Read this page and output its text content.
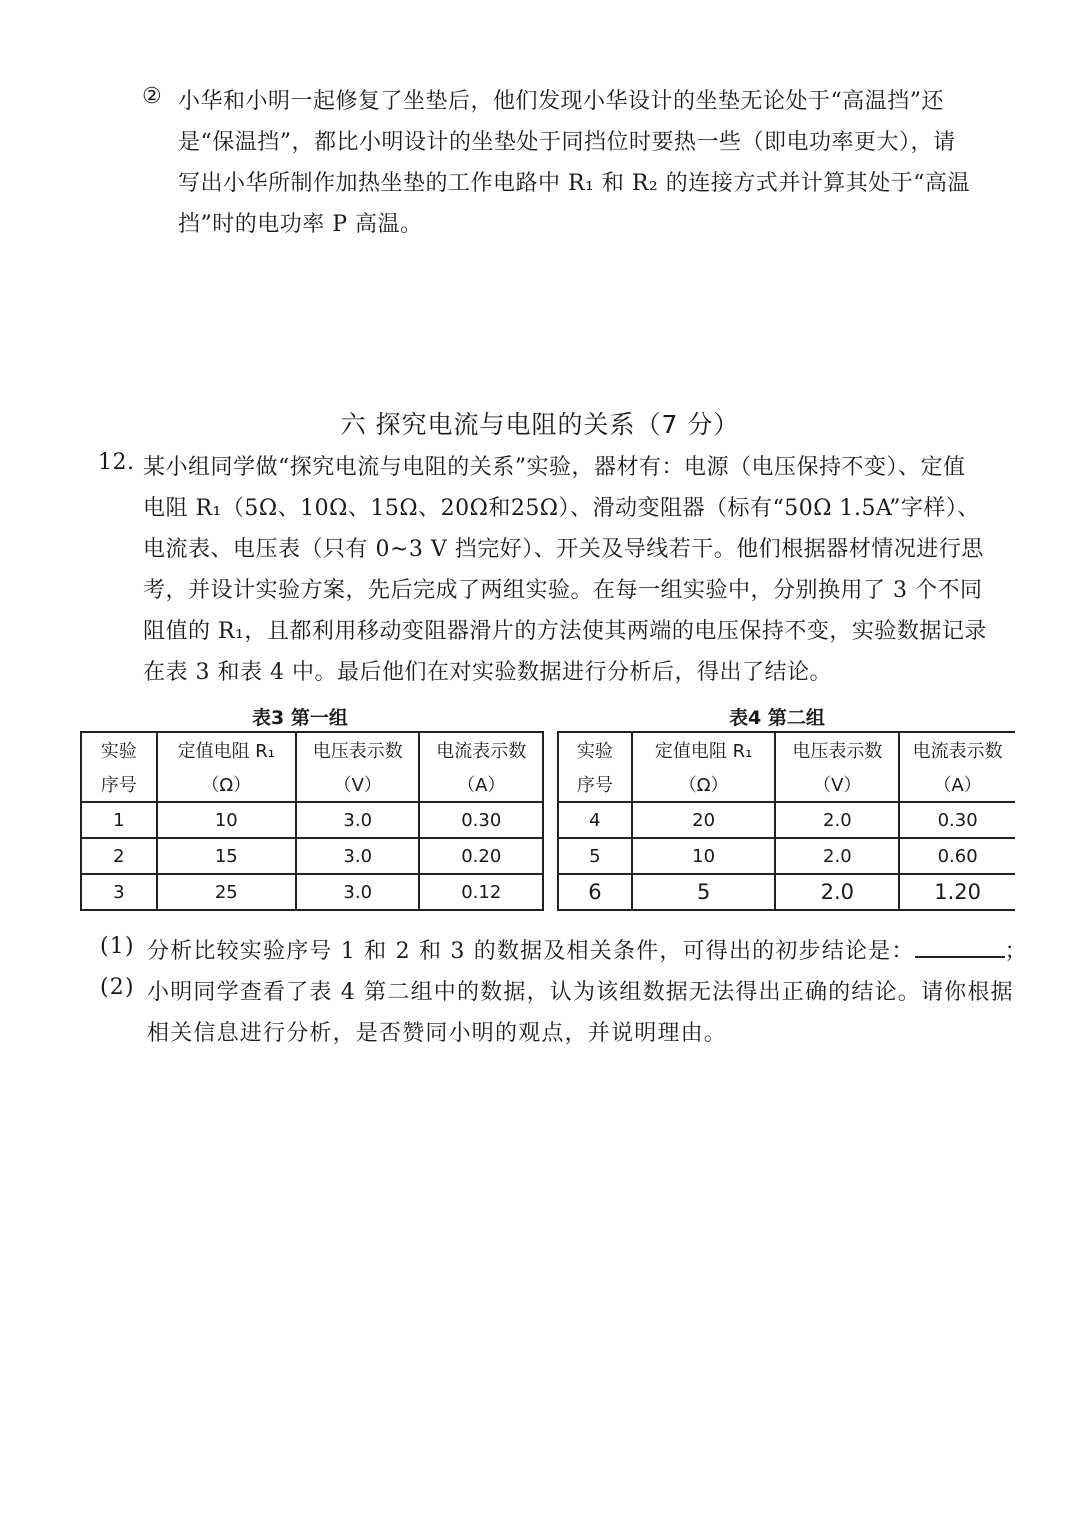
② 小华和小明一起修复了坐垫后，他们发现小华设计的坐垫无论处于“高温挡”还
是“保温挡”，都比小明设计的坐垫处于同挡位时要热一些（即电功率更大），请
写出小华所制作加热坐垫的工作电路中 R₁ 和 R₂ 的连接方式并计算其处于“高温
挡”时的电功率 P 高温。
六 探究电流与电阻的关系（7 分）
12. 某小组同学做“探究电流与电阻的关系”实验，器材有：电源（电压保持不变）、定值
电阻 R₁（5Ω、10Ω、15Ω、20Ω和25Ω）、滑动变阻器（标有“50Ω 1.5A”字样）、
电流表、电压表（只有 0~3 V 挡完好）、开关及导线若干。他们根据器材情况进行思
考，并设计实验方案，先后完成了两组实验。在每一组实验中，分别换用了 3 个不同
阻值的 R₁，且都利用移动变阻器滑片的方法使其两端的电压保持不变，实验数据记录
在表 3 和表 4 中。最后他们在对实验数据进行分析后，得出了结论。
表3 第一组	表4 第二组
实验	定值电阻 R₁	电压表示数	电流表示数
序号	（Ω）	（V）	（A）
1	10	3.0	0.30
2	15	3.0	0.20
3	25	3.0	0.12
实验	定值电阻 R₁	电压表示数	电流表示数
序号	（Ω）	（V）	（A）
4	20	2.0	0.30
5	10	2.0	0.60
6	5	2.0	1.20
(1) 分析比较实验序号 1 和 2 和 3 的数据及相关条件，可得出的初步结论是：	；
(2) 小明同学查看了表 4 第二组中的数据，认为该组数据无法得出正确的结论。请你根据
相关信息进行分析，是否赞同小明的观点，并说明理由。
